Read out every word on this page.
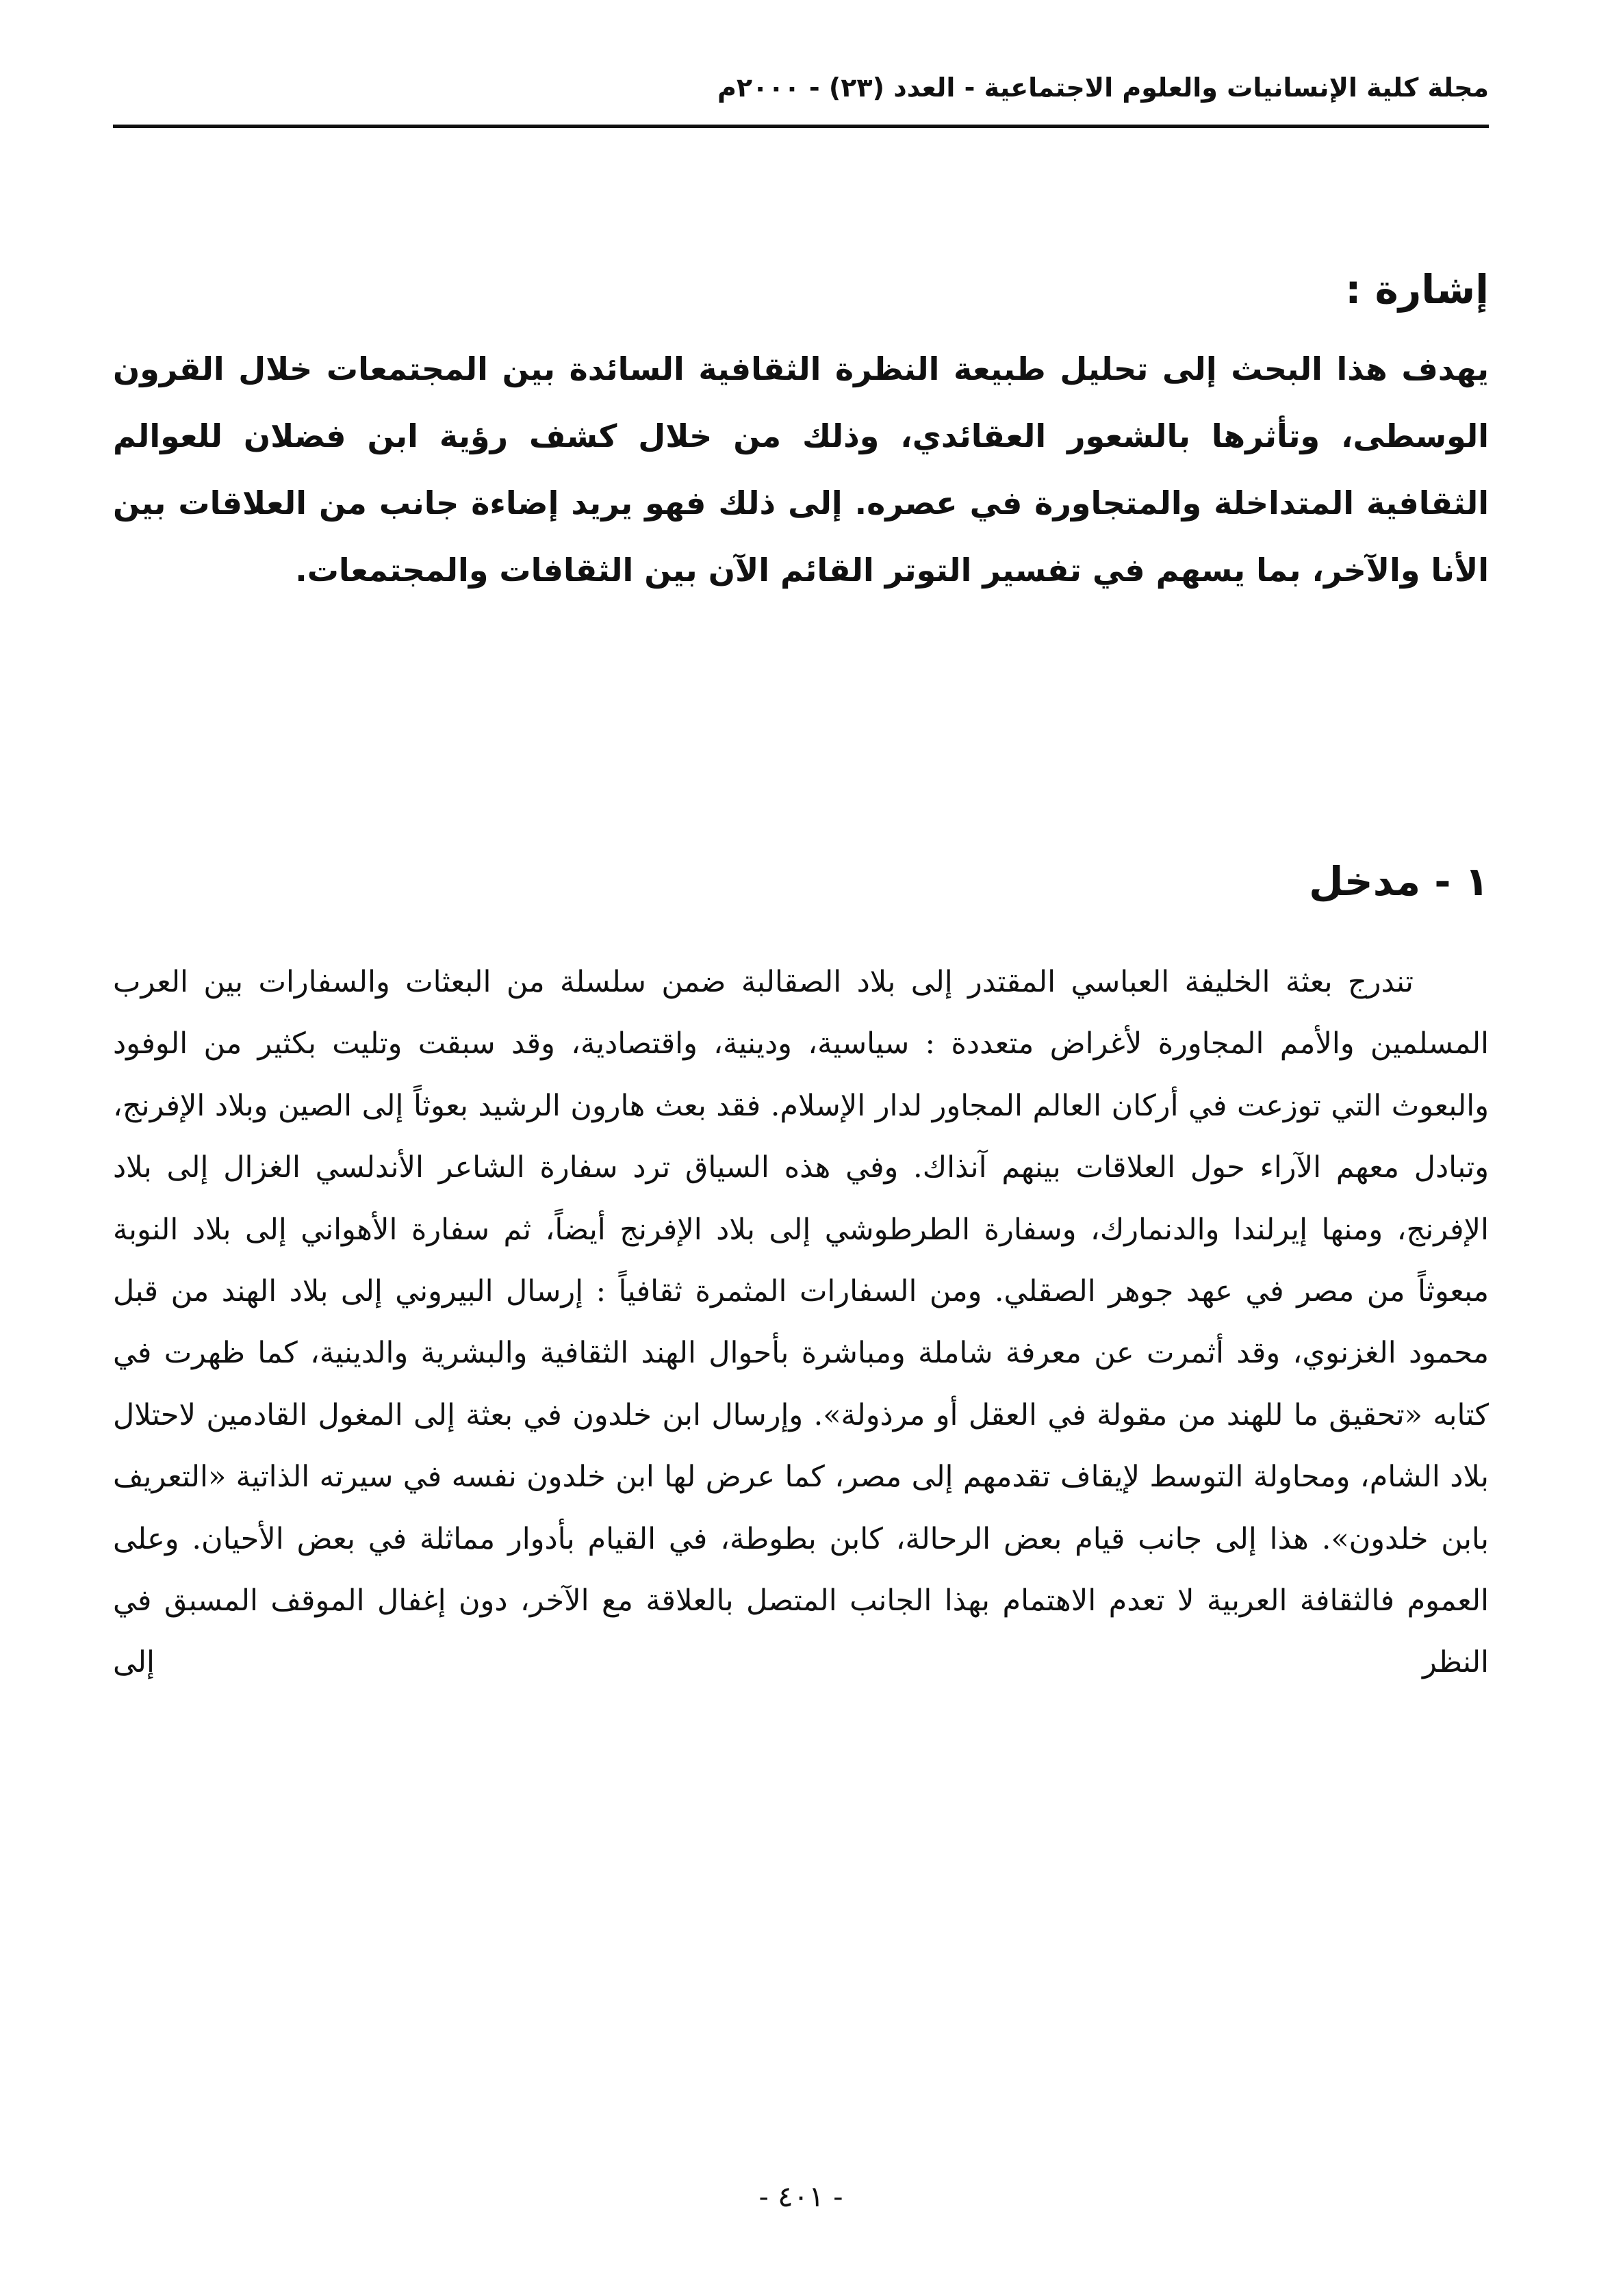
مجلة كلية الإنسانيات والعلوم الاجتماعية - العدد (٢٣) - ٢٠٠٠م
إشارة :

يهدف هذا البحث إلى تحليل طبيعة النظرة الثقافية السائدة بين المجتمعات خلال القرون الوسطى، وتأثرها بالشعور العقائدي، وذلك من خلال كشف رؤية ابن فضلان للعوالم الثقافية المتداخلة والمتجاورة في عصره. إلى ذلك فهو يريد إضاءة جانب من العلاقات بين الأنا والآخر، بما يسهم في تفسير التوتر القائم الآن بين الثقافات والمجتمعات.

١ - مدخل

تندرج بعثة الخليفة العباسي المقتدر إلى بلاد الصقالبة ضمن سلسلة من البعثات والسفارات بين العرب المسلمين والأمم المجاورة لأغراض متعددة : سياسية، ودينية، واقتصادية، وقد سبقت وتليت بكثير من الوفود والبعوث التي توزعت في أركان العالم المجاور لدار الإسلام. فقد بعث هارون الرشيد بعوثاً إلى الصين وبلاد الإفرنج، وتبادل معهم الآراء حول العلاقات بينهم آنذاك. وفي هذه السياق ترد سفارة الشاعر الأندلسي الغزال إلى بلاد الإفرنج، ومنها إيرلندا والدنمارك، وسفارة الطرطوشي إلى بلاد الإفرنج أيضاً، ثم سفارة الأهواني إلى بلاد النوبة مبعوثاً من مصر في عهد جوهر الصقلي. ومن السفارات المثمرة ثقافياً : إرسال البيروني إلى بلاد الهند من قبل محمود الغزنوي، وقد أثمرت عن معرفة شاملة ومباشرة بأحوال الهند الثقافية والبشرية والدينية، كما ظهرت في كتابه «تحقيق ما للهند من مقولة في العقل أو مرذولة». وإرسال ابن خلدون في بعثة إلى المغول القادمين لاحتلال بلاد الشام، ومحاولة التوسط لإيقاف تقدمهم إلى مصر، كما عرض لها ابن خلدون نفسه في سيرته الذاتية «التعريف بابن خلدون». هذا إلى جانب قيام بعض الرحالة، كابن بطوطة، في القيام بأدوار مماثلة في بعض الأحيان. وعلى العموم فالثقافة العربية لا تعدم الاهتمام بهذا الجانب المتصل بالعلاقة مع الآخر، دون إغفال الموقف المسبق في النظر إلى

- ٤٠١ -
